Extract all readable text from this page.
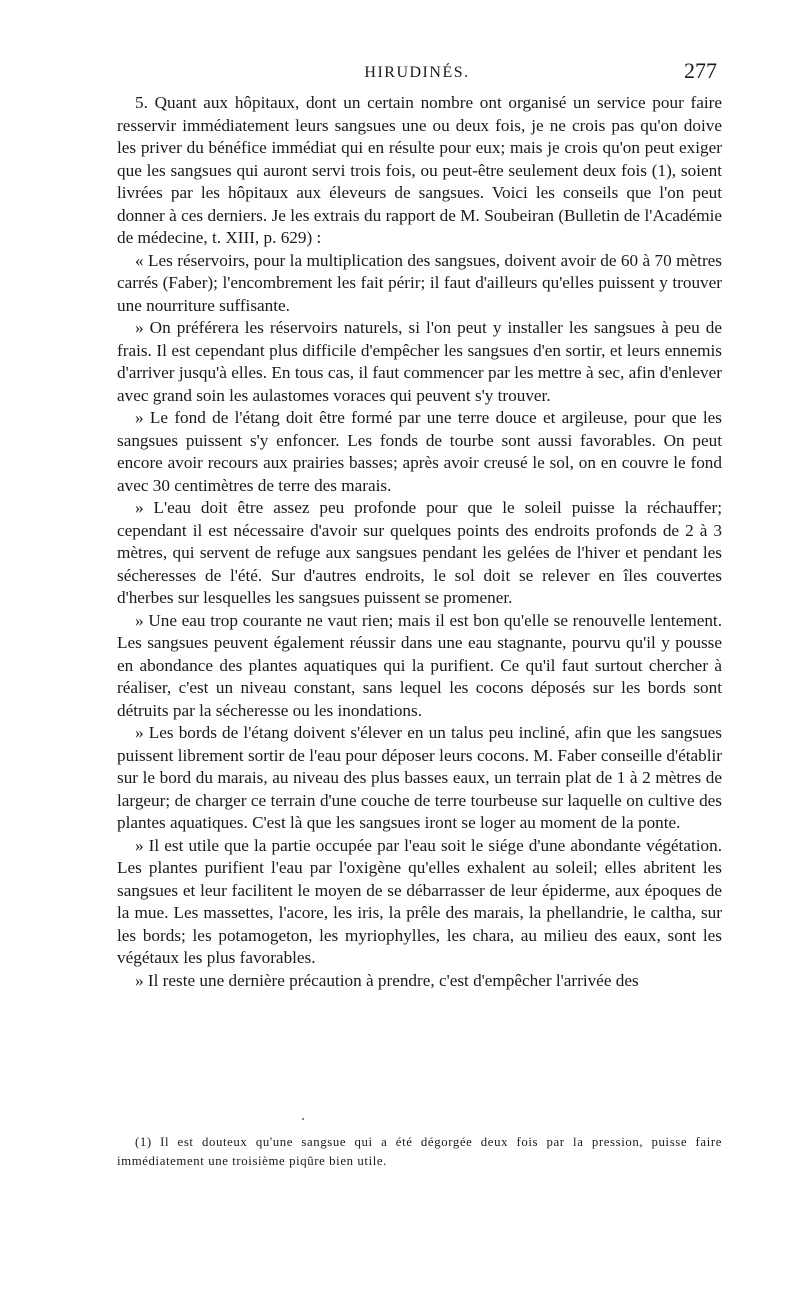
HIRUDINÉS.	277

5. Quant aux hôpitaux, dont un certain nombre ont organisé un service pour faire resservir immédiatement leurs sangsues une ou deux fois, je ne crois pas qu'on doive les priver du bénéfice immédiat qui en résulte pour eux; mais je crois qu'on peut exiger que les sangsues qui auront servi trois fois, ou peut-être seulement deux fois (1), soient livrées par les hôpitaux aux éleveurs de sangsues. Voici les conseils que l'on peut donner à ces derniers. Je les extrais du rapport de M. Soubeiran (Bulletin de l'Académie de médecine, t. XIII, p. 629) :

« Les réservoirs, pour la multiplication des sangsues, doivent avoir de 60 à 70 mètres carrés (Faber); l'encombrement les fait périr; il faut d'ailleurs qu'elles puissent y trouver une nourriture suffisante.

» On préférera les réservoirs naturels, si l'on peut y installer les sangsues à peu de frais. Il est cependant plus difficile d'empêcher les sangsues d'en sortir, et leurs ennemis d'arriver jusqu'à elles. En tous cas, il faut commencer par les mettre à sec, afin d'enlever avec grand soin les aulastomes voraces qui peuvent s'y trouver.

» Le fond de l'étang doit être formé par une terre douce et argileuse, pour que les sangsues puissent s'y enfoncer. Les fonds de tourbe sont aussi favorables. On peut encore avoir recours aux prairies basses; après avoir creusé le sol, on en couvre le fond avec 30 centimètres de terre des marais.

» L'eau doit être assez peu profonde pour que le soleil puisse la réchauffer; cependant il est nécessaire d'avoir sur quelques points des endroits profonds de 2 à 3 mètres, qui servent de refuge aux sangsues pendant les gelées de l'hiver et pendant les sécheresses de l'été. Sur d'autres endroits, le sol doit se relever en îles couvertes d'herbes sur lesquelles les sangsues puissent se promener.

» Une eau trop courante ne vaut rien; mais il est bon qu'elle se renouvelle lentement. Les sangsues peuvent également réussir dans une eau stagnante, pourvu qu'il y pousse en abondance des plantes aquatiques qui la purifient. Ce qu'il faut surtout chercher à réaliser, c'est un niveau constant, sans lequel les cocons déposés sur les bords sont détruits par la sécheresse ou les inondations.

» Les bords de l'étang doivent s'élever en un talus peu incliné, afin que les sangsues puissent librement sortir de l'eau pour déposer leurs cocons. M. Faber conseille d'établir sur le bord du marais, au niveau des plus basses eaux, un terrain plat de 1 à 2 mètres de largeur; de charger ce terrain d'une couche de terre tourbeuse sur laquelle on cultive des plantes aquatiques. C'est là que les sangsues iront se loger au moment de la ponte.

» Il est utile que la partie occupée par l'eau soit le siége d'une abondante végétation. Les plantes purifient l'eau par l'oxigène qu'elles exhalent au soleil; elles abritent les sangsues et leur facilitent le moyen de se débarrasser de leur épiderme, aux époques de la mue. Les massettes, l'acore, les iris, la prêle des marais, la phellandrie, le caltha, sur les bords; les potamogeton, les myriophylles, les chara, au milieu des eaux, sont les végétaux les plus favorables.

» Il reste une dernière précaution à prendre, c'est d'empêcher l'arrivée des

(1) Il est douteux qu'une sangsue qui a été dégorgée deux fois par la pression, puisse faire immédiatement une troisième piqûre bien utile.
